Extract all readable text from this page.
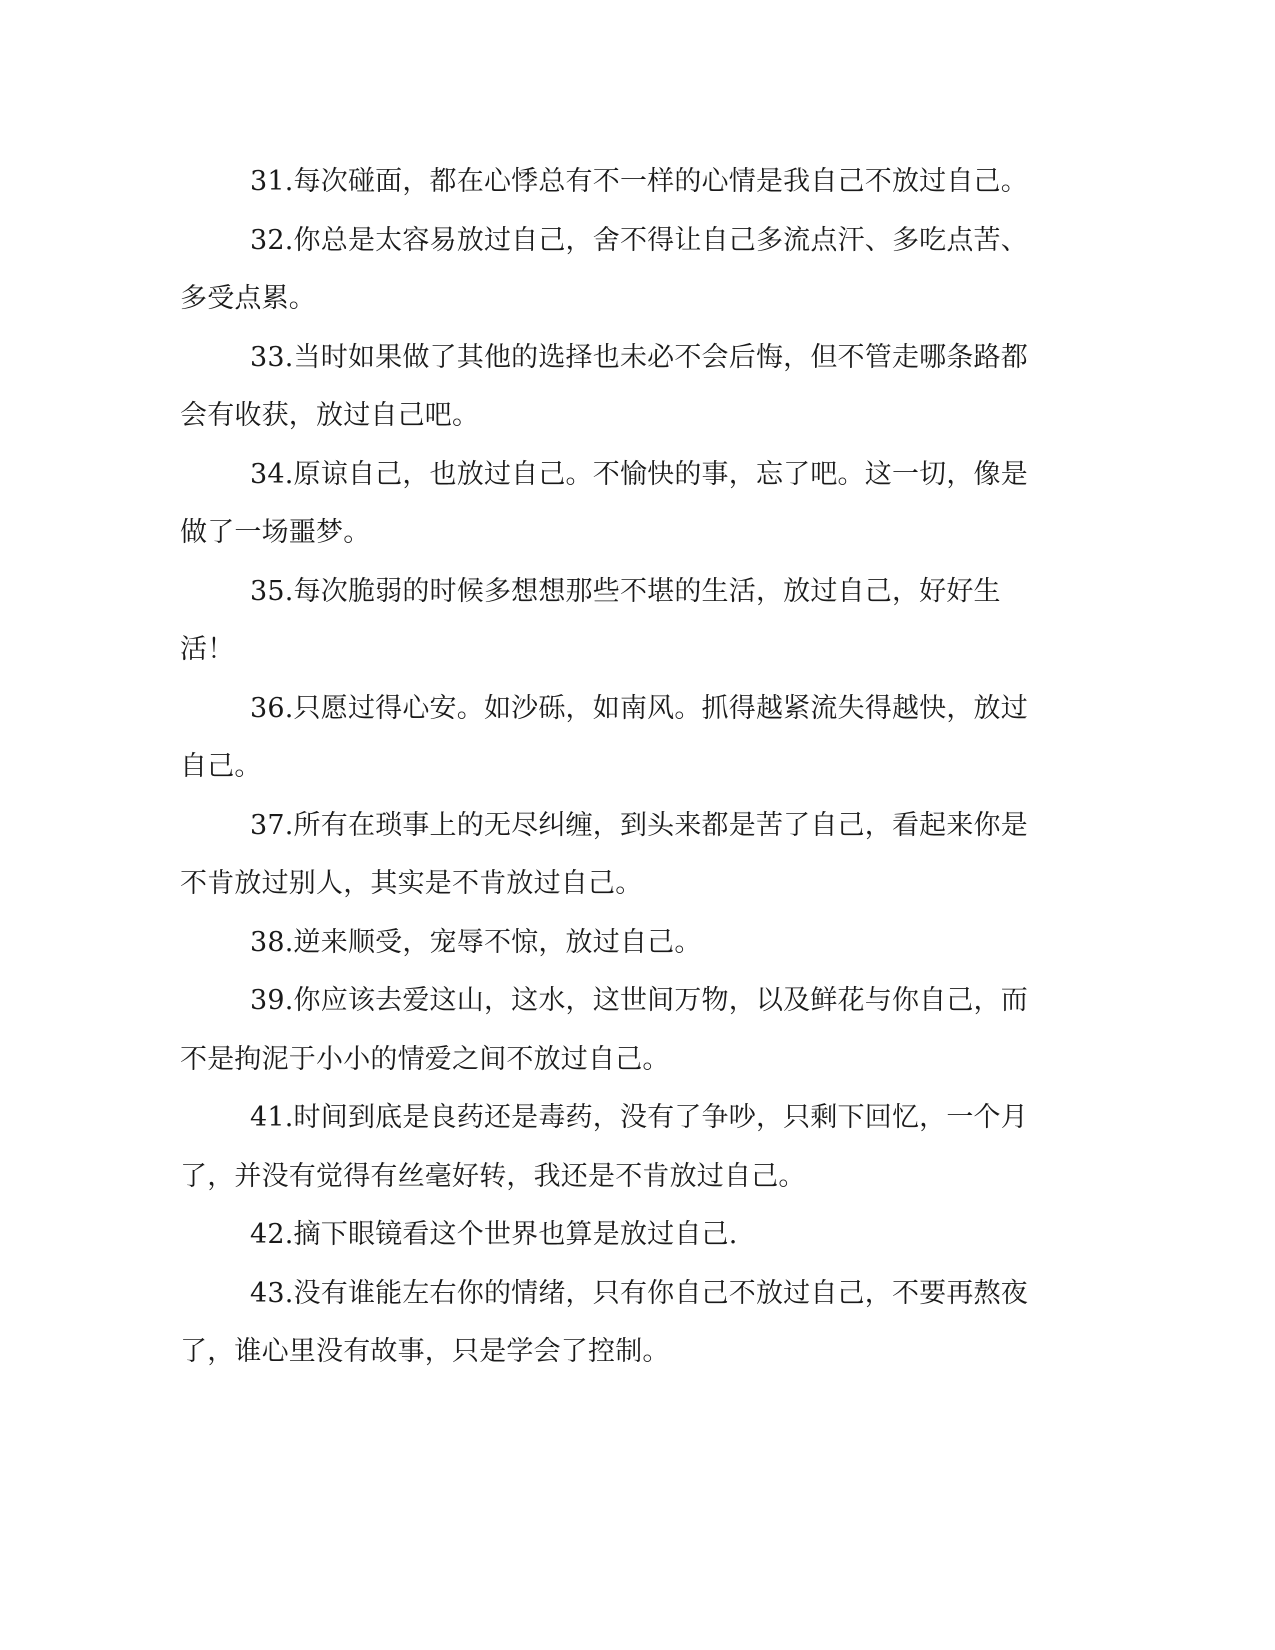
31.每次碰面，都在心悸总有不一样的心情是我自己不放过自己。

32.你总是太容易放过自己，舍不得让自己多流点汗、多吃点苦、多受点累。

33.当时如果做了其他的选择也未必不会后悔，但不管走哪条路都会有收获，放过自己吧。

34.原谅自己，也放过自己。不愉快的事，忘了吧。这一切，像是做了一场噩梦。

35.每次脆弱的时候多想想那些不堪的生活，放过自己，好好生活！

36.只愿过得心安。如沙砾，如南风。抓得越紧流失得越快，放过自己。

37.所有在琐事上的无尽纠缠，到头来都是苦了自己，看起来你是不肯放过别人，其实是不肯放过自己。

38.逆来顺受，宠辱不惊，放过自己。

39.你应该去爱这山，这水，这世间万物，以及鲜花与你自己，而不是拘泥于小小的情爱之间不放过自己。

41.时间到底是良药还是毒药，没有了争吵，只剩下回忆，一个月了，并没有觉得有丝毫好转，我还是不肯放过自己。

42.摘下眼镜看这个世界也算是放过自己.

43.没有谁能左右你的情绪，只有你自己不放过自己，不要再熬夜了，谁心里没有故事，只是学会了控制。
